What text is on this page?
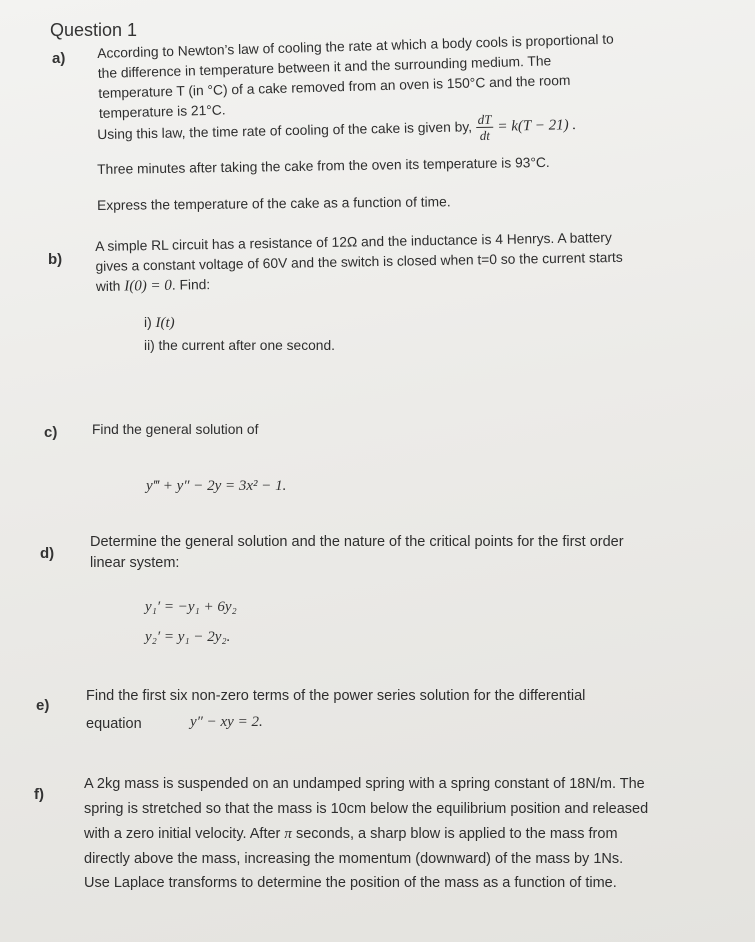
Question 1
a) According to Newton’s law of cooling the rate at which a body cools is proportional to

the difference in temperature between it and the surrounding medium. The

temperature T (in °C) of a cake removed from an oven is 150°C and the room

temperature is 21°C.

Using this law, the time rate of cooling of the cake is given by, $\frac{dT}{dt} = k(T - 21)$ .
Three minutes after taking the cake from the oven its temperature is 93°C.
Express the temperature of the cake as a function of time.
b)

A simple RL circuit has a resistance of 12Ω and the inductance is 4 Henrys. A battery

gives a constant voltage of 60V and the switch is closed when t=0 so the current starts

with I(0) = 0. Find:

i) I(t)
ii) the current after one second.
c)	Find the general solution of
y‴ + y″ − 2y = 3x² − 1.
d)

Determine the general solution and the nature of the critical points for the first order

linear system:

y₁′ = −y₁ + 6y₂
y₂′ = y₁ − 2y₂.
e)
Find the first six non-zero terms of the power series solution for the differential
equation	y″ − xy = 2.
f)

A 2kg mass is suspended on an undamped spring with a spring constant of 18N/m. The

spring is stretched so that the mass is 10cm below the equilibrium position and released

with a zero initial velocity. After π seconds, a sharp blow is applied to the mass from

directly above the mass, increasing the momentum (downward) of the mass by 1Ns.

Use Laplace transforms to determine the position of the mass as a function of time.
